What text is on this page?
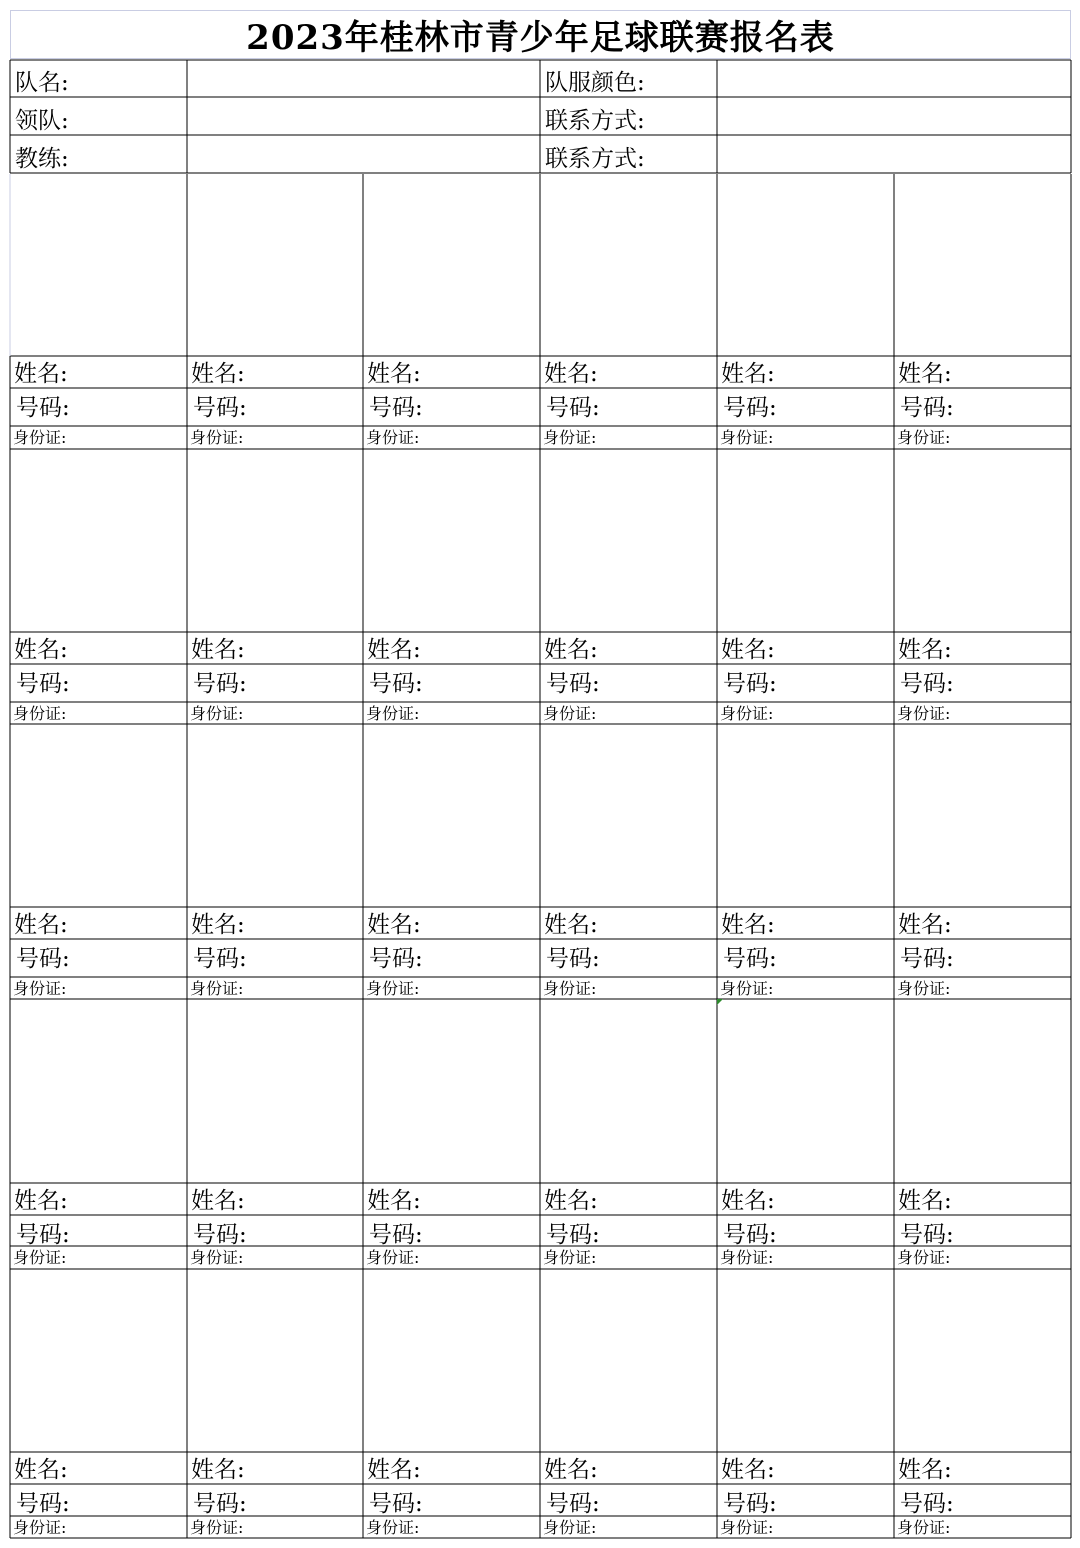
2023年桂林市青少年足球联赛报名表
队名:	队服颜色:
领队:	联系方式:
教练:	联系方式:
姓名:
号码:
身份证:
姓名:
号码:
身份证:
姓名:
号码:
身份证:
姓名:
号码:
身份证:
姓名:
号码:
身份证:
姓名:
号码:
身份证:
姓名:
号码:
身份证:
姓名:
号码:
身份证:
姓名:
号码:
身份证:
姓名:
号码:
身份证:
姓名:
号码:
身份证:
姓名:
号码:
身份证:
姓名:
号码:
身份证:
姓名:
号码:
身份证:
姓名:
号码:
身份证:
姓名:
号码:
身份证:
姓名:
号码:
身份证:
姓名:
号码:
身份证:
姓名:
号码:
身份证:
姓名:
号码:
身份证:
姓名:
号码:
身份证:
姓名:
号码:
身份证:
姓名:
号码:
身份证:
姓名:
号码:
身份证:
姓名:
号码:
身份证:
姓名:
号码:
身份证:
姓名:
号码:
身份证:
姓名:
号码:
身份证:
姓名:
号码:
身份证:
姓名:
号码:
身份证:
